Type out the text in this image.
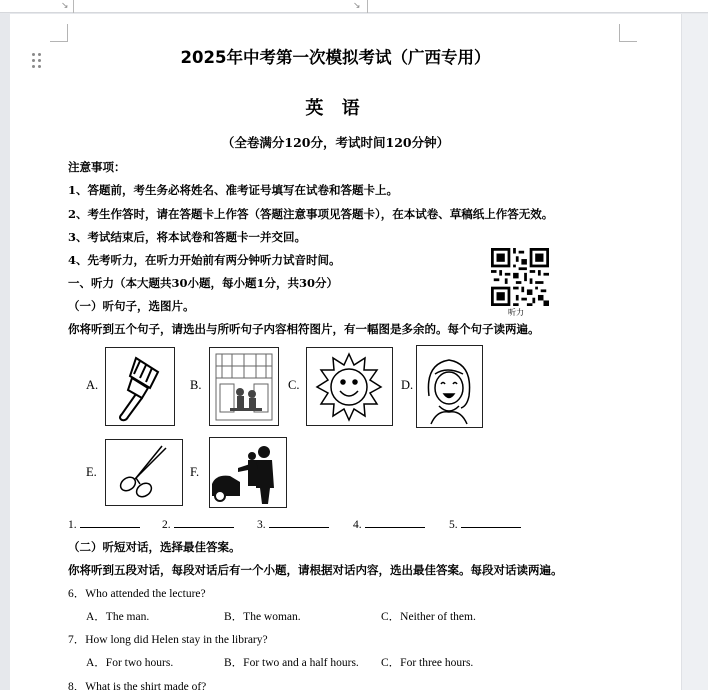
↘	↘
2025年中考第一次模拟考试（广西专用）
英 语
（全卷满分120分，考试时间120分钟）
注意事项：
1、答题前，考生务必将姓名、准考证号填写在试卷和答题卡上。
2、考生作答时，请在答题卡上作答（答题注意事项见答题卡），在本试卷、草稿纸上作答无效。
3、考试结束后，将本试卷和答题卡一并交回。
4、先考听力，在听力开始前有两分钟听力试音时间。
一、听力（本大题共30小题，每小题1分，共30分）
（一）听句子，选图片。
你将听到五个句子，请选出与所听句子内容相符图片，有一幅图是多余的。每个句子读两遍。
听力
A.	B.	C.	D.
E.	F.
1.	2.	3.	4.	5.
（二）听短对话，选择最佳答案。
你将听到五段对话，每段对话后有一个小题，请根据对话内容，选出最佳答案。每段对话读两遍。
6．Who attended the lecture?
A．The man.	B．The woman.	C．Neither of them.
7．How long did Helen stay in the library?
A．For two hours.	B．For two and a half hours. C．For three hours.
8．What is the shirt made of?
